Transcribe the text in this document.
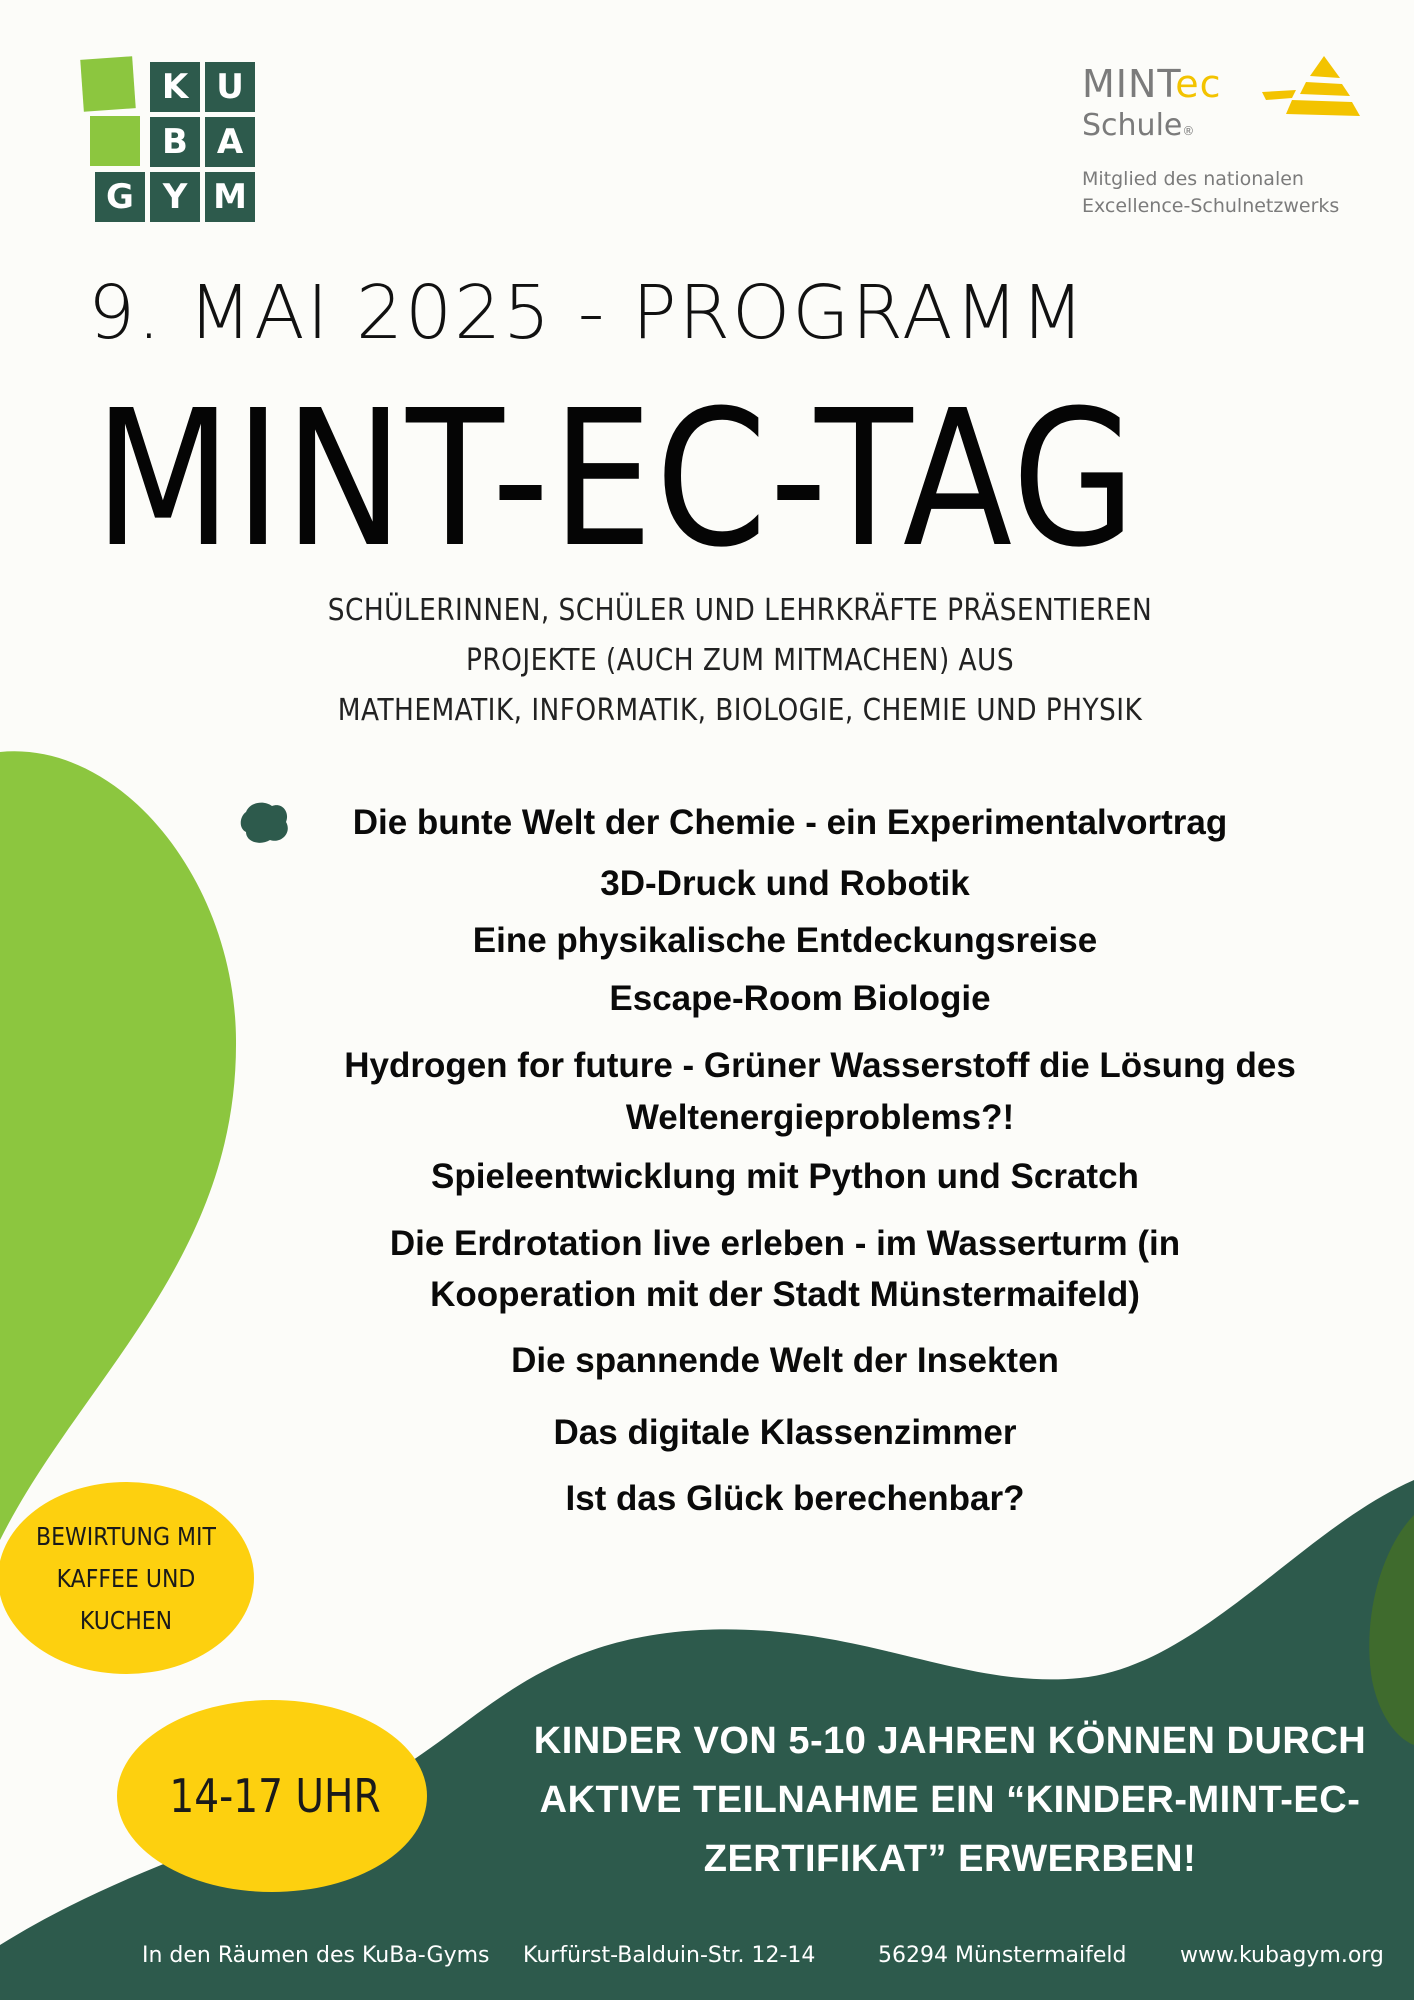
K U
B A
G Y M
MINTec
Schule®
Mitglied des nationalen
Excellence-Schulnetzwerks
9. MAI 2025 - PROGRAMM
MINT-EC-TAG
SCHÜLERINNEN, SCHÜLER UND LEHRKRÄFTE PRÄSENTIEREN
PROJEKTE (AUCH ZUM MITMACHEN) AUS
MATHEMATIK, INFORMATIK, BIOLOGIE, CHEMIE UND PHYSIK
Die bunte Welt der Chemie - ein Experimentalvortrag
3D-Druck und Robotik
Eine physikalische Entdeckungsreise
Escape-Room Biologie
Hydrogen for future - Grüner Wasserstoff die Lösung des
Weltenergieproblems?!
Spieleentwicklung mit Python und Scratch
Die Erdrotation live erleben - im Wasserturm (in
Kooperation mit der Stadt Münstermaifeld)
Die spannende Welt der Insekten
Das digitale Klassenzimmer
Ist das Glück berechenbar?
BEWIRTUNG MIT
KAFFEE UND
KUCHEN
14-17 UHR
KINDER VON 5-10 JAHREN KÖNNEN DURCH
AKTIVE TEILNAHME EIN “KINDER-MINT-EC-
ZERTIFIKAT” ERWERBEN!
In den Räumen des KuBa-Gyms Kurfürst-Balduin-Str. 12-14	56294 Münstermaifeld www.kubagym.org
